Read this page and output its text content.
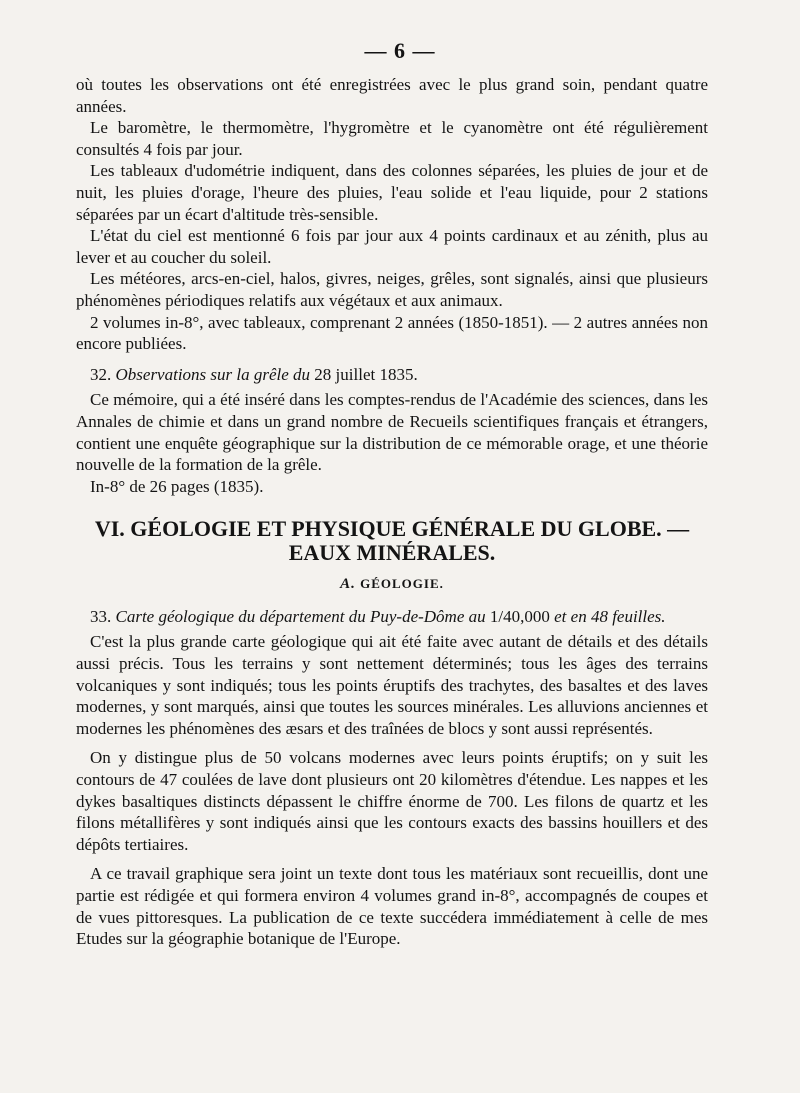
— 6 —

où toutes les observations ont été enregistrées avec le plus grand soin, pendant quatre années.

Le baromètre, le thermomètre, l'hygromètre et le cyanomètre ont été régulièrement consultés 4 fois par jour.

Les tableaux d'udométrie indiquent, dans des colonnes séparées, les pluies de jour et de nuit, les pluies d'orage, l'heure des pluies, l'eau solide et l'eau liquide, pour 2 stations séparées par un écart d'altitude très-sensible.

L'état du ciel est mentionné 6 fois par jour aux 4 points cardinaux et au zénith, plus au lever et au coucher du soleil.

Les météores, arcs-en-ciel, halos, givres, neiges, grêles, sont signalés, ainsi que plusieurs phénomènes périodiques relatifs aux végétaux et aux animaux.

2 volumes in-8°, avec tableaux, comprenant 2 années (1850-1851). — 2 autres années non encore publiées.

32. Observations sur la grêle du 28 juillet 1835.

Ce mémoire, qui a été inséré dans les comptes-rendus de l'Académie des sciences, dans les Annales de chimie et dans un grand nombre de Recueils scientifiques français et étrangers, contient une enquête géographique sur la distribution de ce mémorable orage, et une théorie nouvelle de la formation de la grêle.

In-8° de 26 pages (1835).

VI. GÉOLOGIE ET PHYSIQUE GÉNÉRALE DU GLOBE. —
EAUX MINÉRALES.

A. GÉOLOGIE.

33. Carte géologique du département du Puy-de-Dôme au 1/40,000 et en 48 feuilles.

C'est la plus grande carte géologique qui ait été faite avec autant de détails et des détails aussi précis. Tous les terrains y sont nettement déterminés; tous les âges des terrains volcaniques y sont indiqués; tous les points éruptifs des trachytes, des basaltes et des laves modernes, y sont marqués, ainsi que toutes les sources minérales. Les alluvions anciennes et modernes les phénomènes des æsars et des traînées de blocs y sont aussi représentés.

On y distingue plus de 50 volcans modernes avec leurs points éruptifs; on y suit les contours de 47 coulées de lave dont plusieurs ont 20 kilomètres d'étendue. Les nappes et les dykes basaltiques distincts dépassent le chiffre énorme de 700. Les filons de quartz et les filons métallifères y sont indiqués ainsi que les contours exacts des bassins houillers et des dépôts tertiaires.

A ce travail graphique sera joint un texte dont tous les matériaux sont recueillis, dont une partie est rédigée et qui formera environ 4 volumes grand in-8°, accompagnés de coupes et de vues pittoresques. La publication de ce texte succédera immédiatement à celle de mes Etudes sur la géographie botanique de l'Europe.
